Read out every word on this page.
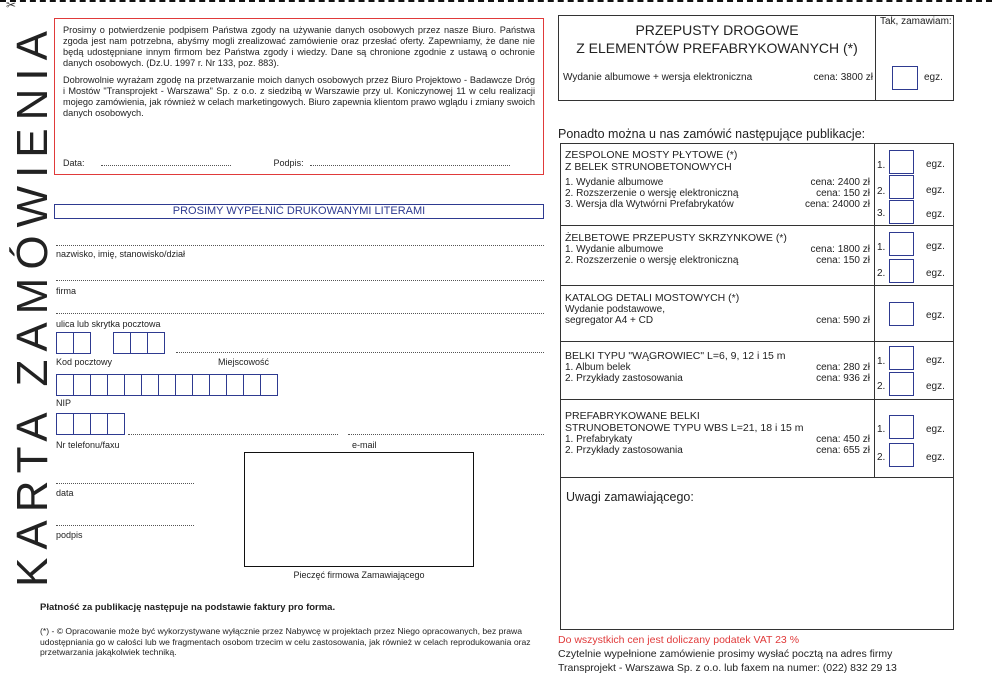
✂
KARTA ZAMÓWIENIA Prosimy o potwierdzenie podpisem Państwa zgody na używanie danych osobowych przez nasze Biuro. Państwa zgoda jest nam potrzebna, abyśmy mogli zrealizować zamówienie oraz przesłać oferty. Zapewniamy, że dane nie będą udostępniane innym firmom bez Państwa zgody i wiedzy. Dane są chronione zgodnie z ustawą o ochronie danych osobowych. (Dz.U. 1997 r. Nr 133, poz. 883).

Dobrowolnie wyrażam zgodę na przetwarzanie moich danych osobowych przez Biuro Projektowo - Badawcze Dróg i Mostów "Transprojekt - Warszawa" Sp. z o.o. z siedzibą w Warszawie przy ul. Koniczynowej 11 w celu realizacji mojego zamówienia, jak również w celach marketingowych. Biuro zapewnia klientom prawo wglądu i zmiany swoich danych osobowych.

Data:	Podpis:
PROSIMY WYPEŁNIĆ DRUKOWANYMI LITERAMI
nazwisko, imię, stanowisko/dział
firma
ulica lub skrytka pocztowa
Kod pocztowy	Miejscowość
NIP
Nr telefonu/faxu	e-mail
data
podpis
Pieczęć firmowa Zamawiającego
Płatność za publikację następuje na podstawie faktury pro forma.
(*) - © Opracowanie może być wykorzystywane wyłącznie przez Nabywcę w projektach przez Niego opracowanych, bez prawa udostępniania go w całości lub we fragmentach osobom trzecim w celu zastosowania, jak również w celach reprodukowania oraz przetwarzania jakąkolwiek techniką.
PRZEPUSTY DROGOWE
Z ELEMENTÓW PREFABRYKOWANYCH (*)
Wydanie albumowe + wersja elektroniczna	cena: 3800 zł
Tak, zamawiam:
egz.
Ponadto można u nas zamówić następujące publikacje:
ZESPOLONE MOSTY PŁYTOWE (*)
Z BELEK STRUNOBETONOWYCH
1. Wydanie albumowe	cena: 2400 zł
2. Rozszerzenie o wersję elektroniczną	cena: 150 zł
3. Wersja dla Wytwórni Prefabrykatów	cena: 24000 zł
1.	egz.
2.	egz.
3.	egz.
ŻELBETOWE PRZEPUSTY SKRZYNKOWE (*)
1. Wydanie albumowe	cena: 1800 zł
2. Rozszerzenie o wersję elektroniczną	cena: 150 zł
1.	egz.
2.	egz.
KATALOG DETALI MOSTOWYCH (*)
Wydanie podstawowe,
segregator A4 + CD	cena: 590 zł	egz.
BELKI TYPU "WĄGROWIEC" L=6, 9, 12 i 15 m
1. Album belek	cena: 280 zł
2. Przykłady zastosowania	cena: 936 zł
1.	egz.
2.	egz.
PREFABRYKOWANE BELKI
STRUNOBETONOWE TYPU WBS L=21, 18 i 15 m
1. Prefabrykaty	cena: 450 zł
2. Przykłady zastosowania	cena: 655 zł
1.	egz.
2.	egz.
Uwagi zamawiającego:
Do wszystkich cen jest doliczany podatek VAT 23 %
Czytelnie wypełnione zamówienie prosimy wysłać pocztą na adres firmy
Transprojekt - Warszawa Sp. z o.o. lub faxem na numer: (022) 832 29 13
